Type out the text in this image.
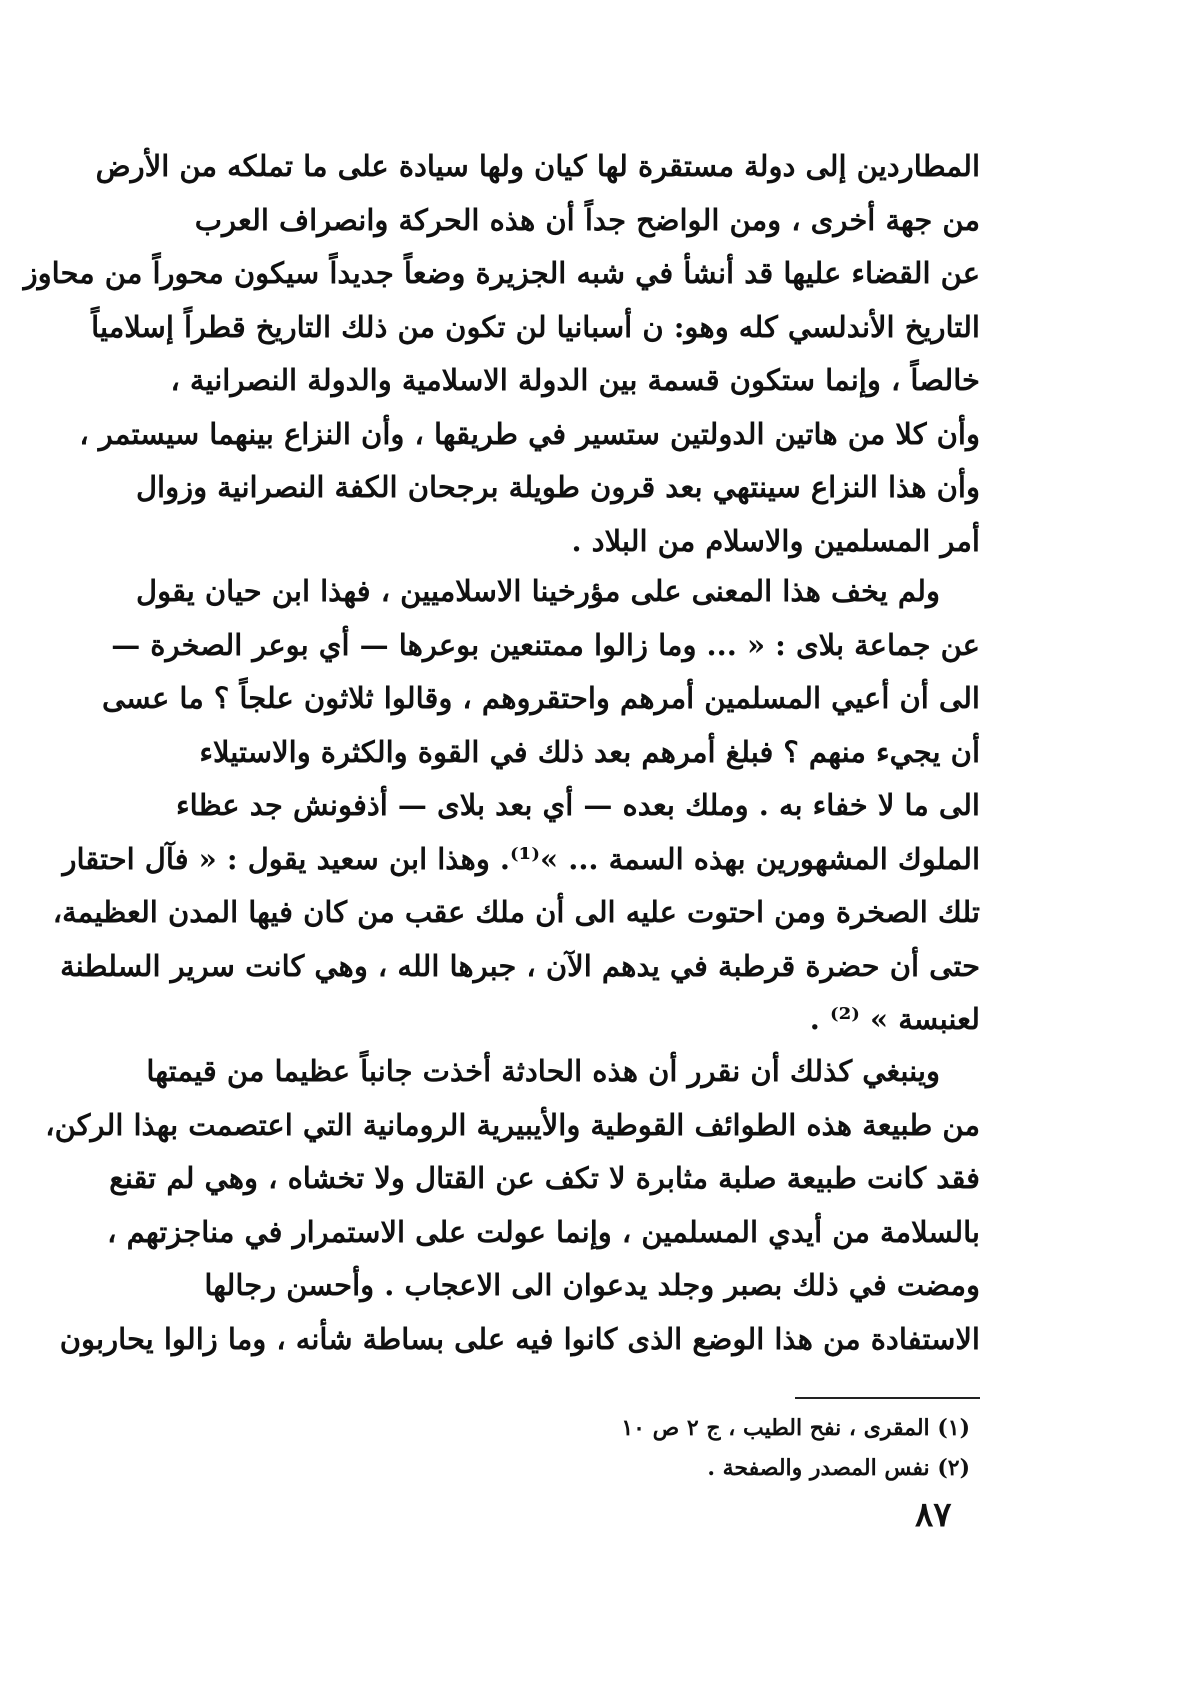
المطاردين إلى دولة مستقرة لها كيان ولها سيادة على ما تملكه من الأرض
من جهة أخرى ، ومن الواضح جداً أن هذه الحركة وانصراف العرب
عن القضاء عليها قد أنشأ في شبه الجزيرة وضعاً جديداً سيكون محوراً من محاوز
التاريخ الأندلسي كله وهو: ن أسبانيا لن تكون من ذلك التاريخ قطراً إسلامياً
خالصاً ، وإنما ستكون قسمة بين الدولة الاسلامية والدولة النصرانية ،
وأن كلا من هاتين الدولتين ستسير في طريقها ، وأن النزاع بينهما سيستمر ،
وأن هذا النزاع سينتهي بعد قرون طويلة برجحان الكفة النصرانية وزوال
أمر المسلمين والاسلام من البلاد .
ولم يخف هذا المعنى على مؤرخينا الاسلاميين ، فهذا ابن حيان يقول
عن جماعة بلاى : « ... وما زالوا ممتنعين بوعرها — أي بوعر الصخرة —
الى أن أعيي المسلمين أمرهم واحتقروهم ، وقالوا ثلاثون علجاً ؟ ما عسى
أن يجيء منهم ؟ فبلغ أمرهم بعد ذلك في القوة والكثرة والاستيلاء
الى ما لا خفاء به . وملك بعده — أي بعد بلاى — أذفونش جد عظاء
الملوك المشهورين بهذه السمة ... »⁽¹⁾. وهذا ابن سعيد يقول : « فآل احتقار
تلك الصخرة ومن احتوت عليه الى أن ملك عقب من كان فيها المدن العظيمة،
حتى أن حضرة قرطبة في يدهم الآن ، جبرها الله ، وهي كانت سرير السلطنة
لعنبسة » ⁽²⁾ .
وينبغي كذلك أن نقرر أن هذه الحادثة أخذت جانباً عظيما من قيمتها
من طبيعة هذه الطوائف القوطية والأيبيرية الرومانية التي اعتصمت بهذا الركن،
فقد كانت طبيعة صلبة مثابرة لا تكف عن القتال ولا تخشاه ، وهي لم تقنع
بالسلامة من أيدي المسلمين ، وإنما عولت على الاستمرار في مناجزتهم ،
ومضت في ذلك بصبر وجلد يدعوان الى الاعجاب . وأحسن رجالها
الاستفادة من هذا الوضع الذى كانوا فيه على بساطة شأنه ، وما زالوا يحاربون
(١) المقرى ، نفح الطيب ، ج ٢ ص ١٠
(٢) نفس المصدر والصفحة .
٨٧
